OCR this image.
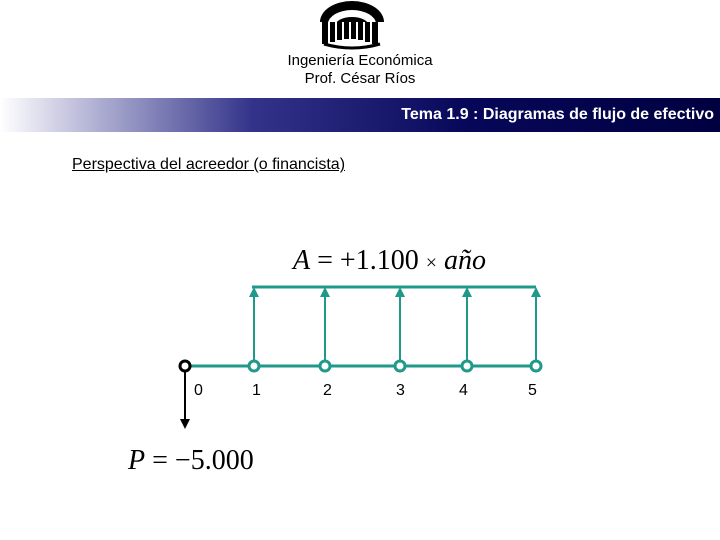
Ingeniería Económica
Prof. César Ríos
Tema 1.9 : Diagramas de flujo de efectivo
Perspectiva del acreedor (o financista)
0	1	2	3	4	5
A = +1.100 × año
P = −5.000
